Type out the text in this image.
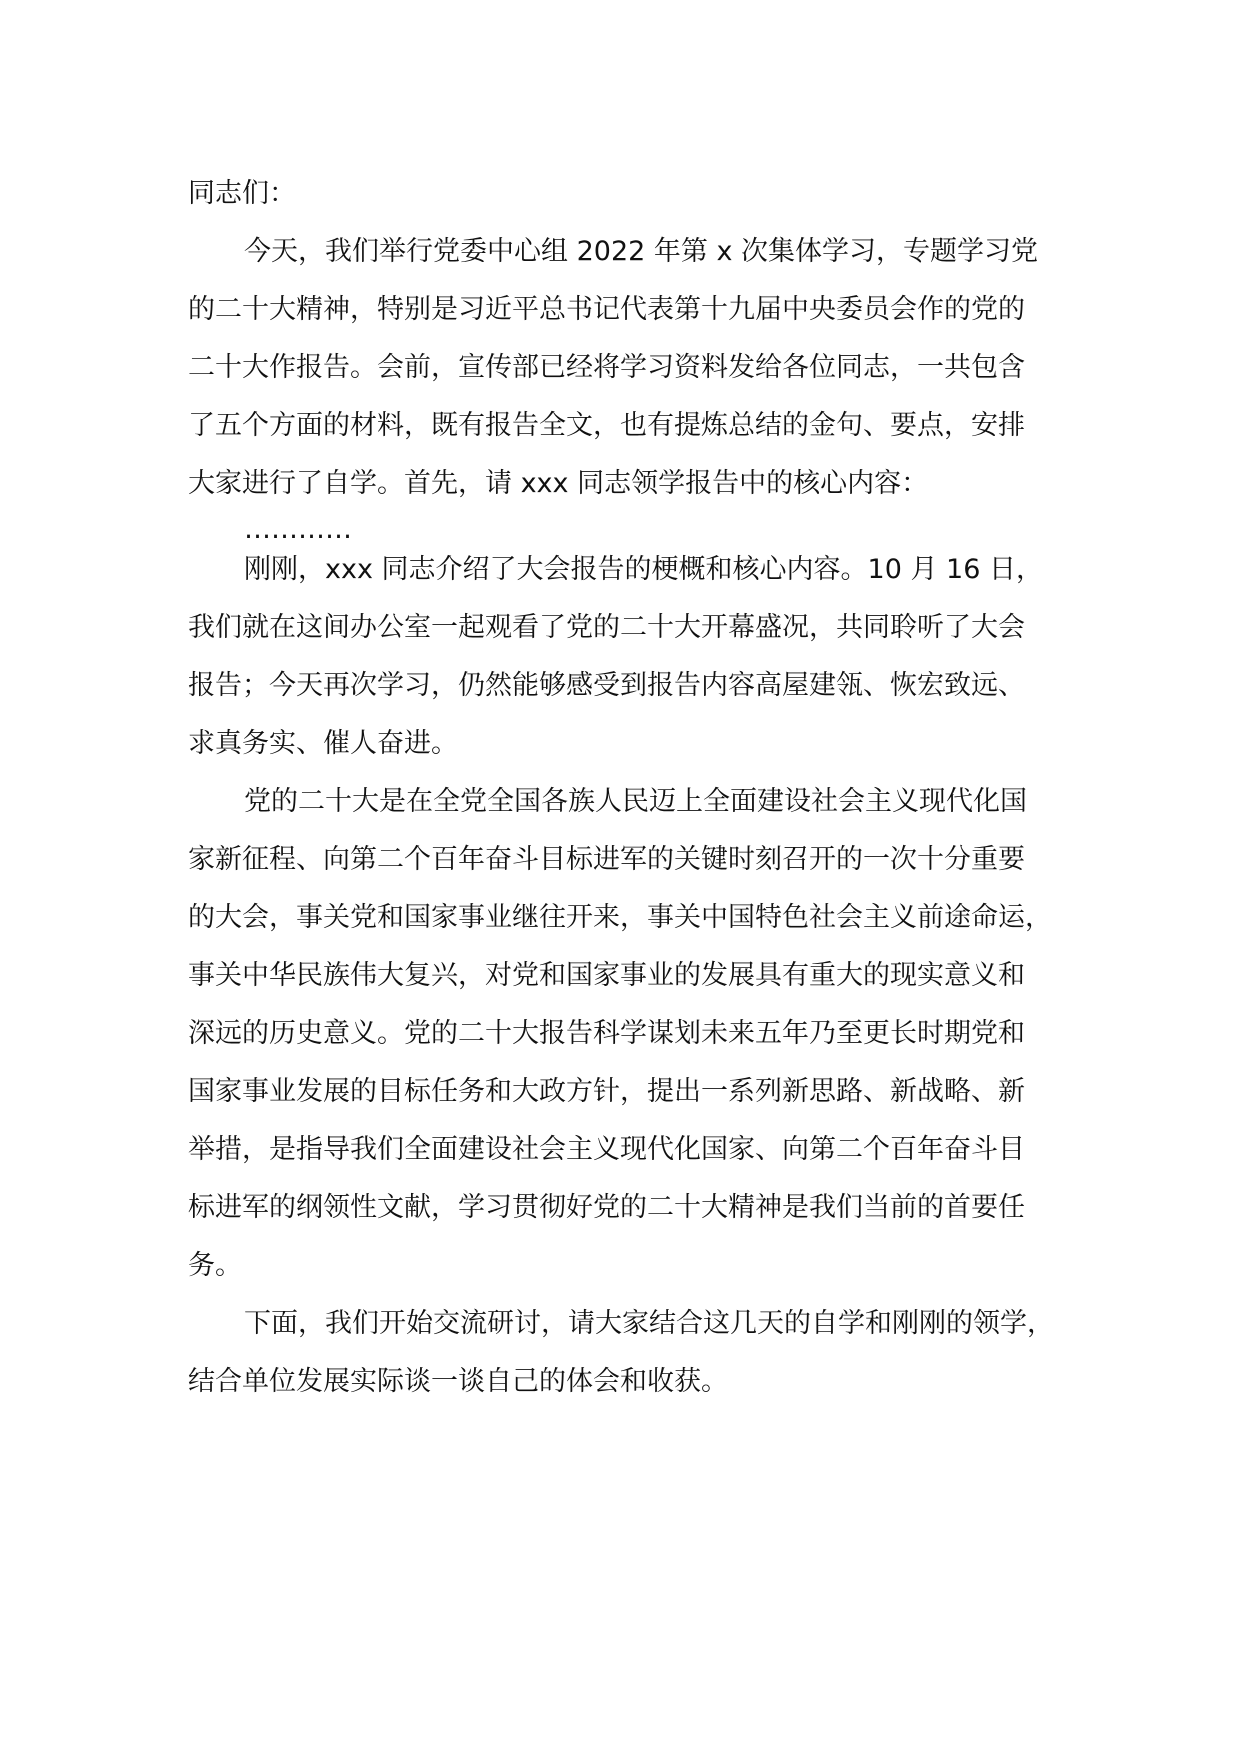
同志们：
今天，我们举行党委中心组 2022 年第 x 次集体学习，专题学习党
的二十大精神，特别是习近平总书记代表第十九届中央委员会作的党的
二十大作报告。会前，宣传部已经将学习资料发给各位同志，一共包含
了五个方面的材料，既有报告全文，也有提炼总结的金句、要点，安排
大家进行了自学。首先，请 xxx 同志领学报告中的核心内容：
…………
刚刚，xxx 同志介绍了大会报告的梗概和核心内容。10 月 16 日，
我们就在这间办公室一起观看了党的二十大开幕盛况，共同聆听了大会
报告；今天再次学习，仍然能够感受到报告内容高屋建瓴、恢宏致远、
求真务实、催人奋进。
党的二十大是在全党全国各族人民迈上全面建设社会主义现代化国
家新征程、向第二个百年奋斗目标进军的关键时刻召开的一次十分重要
的大会，事关党和国家事业继往开来，事关中国特色社会主义前途命运，
事关中华民族伟大复兴，对党和国家事业的发展具有重大的现实意义和
深远的历史意义。党的二十大报告科学谋划未来五年乃至更长时期党和
国家事业发展的目标任务和大政方针，提出一系列新思路、新战略、新
举措，是指导我们全面建设社会主义现代化国家、向第二个百年奋斗目
标进军的纲领性文献，学习贯彻好党的二十大精神是我们当前的首要任
务。
下面，我们开始交流研讨，请大家结合这几天的自学和刚刚的领学，
结合单位发展实际谈一谈自己的体会和收获。
